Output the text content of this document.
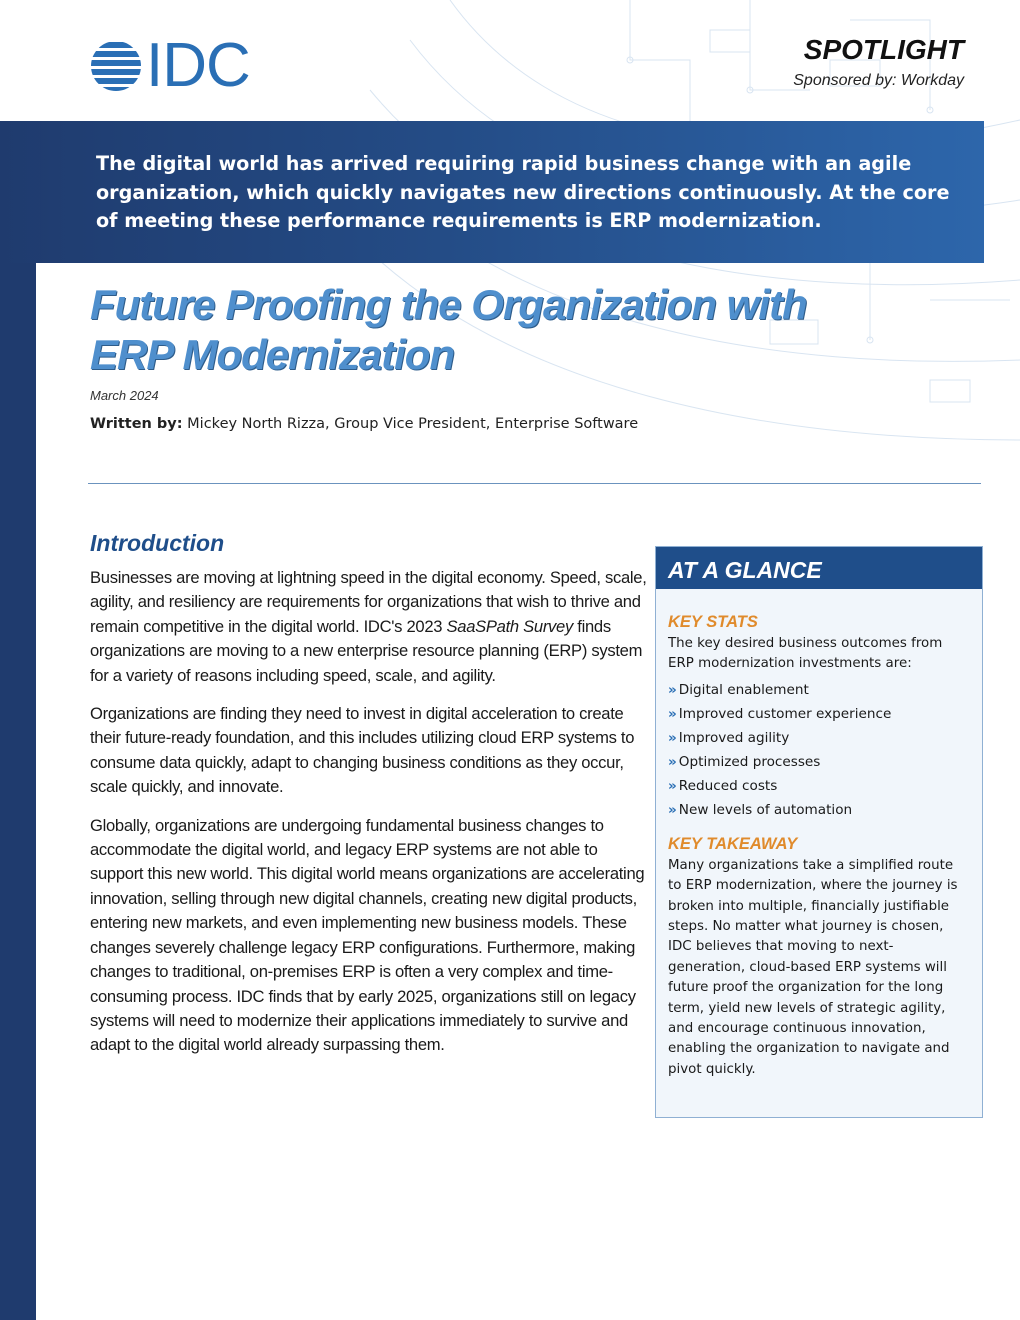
IDC	SPOTLIGHT
Sponsored by: Workday
The digital world has arrived requiring rapid business change with an agile organization, which quickly navigates new directions continuously. At the core of meeting these performance requirements is ERP modernization.
Future Proofing the Organization with ERP Modernization
March 2024
Written by: Mickey North Rizza, Group Vice President, Enterprise Software
Introduction

Businesses are moving at lightning speed in the digital economy. Speed, scale, agility, and resiliency are requirements for organizations that wish to thrive and remain competitive in the digital world. IDC's 2023 SaaSPath Survey finds organizations are moving to a new enterprise resource planning (ERP) system for a variety of reasons including speed, scale, and agility.

Organizations are finding they need to invest in digital acceleration to create their future-ready foundation, and this includes utilizing cloud ERP systems to consume data quickly, adapt to changing business conditions as they occur, scale quickly, and innovate.

Globally, organizations are undergoing fundamental business changes to accommodate the digital world, and legacy ERP systems are not able to support this new world. This digital world means organizations are accelerating innovation, selling through new digital channels, creating new digital products, entering new markets, and even implementing new business models. These changes severely challenge legacy ERP configurations. Furthermore, making changes to traditional, on-premises ERP is often a very complex and time-consuming process. IDC finds that by early 2025, organizations still on legacy systems will need to modernize their applications immediately to survive and adapt to the digital world already surpassing them.

AT A GLANCE
KEY STATS
The key desired business outcomes from ERP modernization investments are:
» Digital enablement
» Improved customer experience
» Improved agility
» Optimized processes
» Reduced costs
» New levels of automation
KEY TAKEAWAY
Many organizations take a simplified route to ERP modernization, where the journey is broken into multiple, financially justifiable steps. No matter what journey is chosen, IDC believes that moving to next-generation, cloud-based ERP systems will future proof the organization for the long term, yield new levels of strategic agility, and encourage continuous innovation, enabling the organization to navigate and pivot quickly.
